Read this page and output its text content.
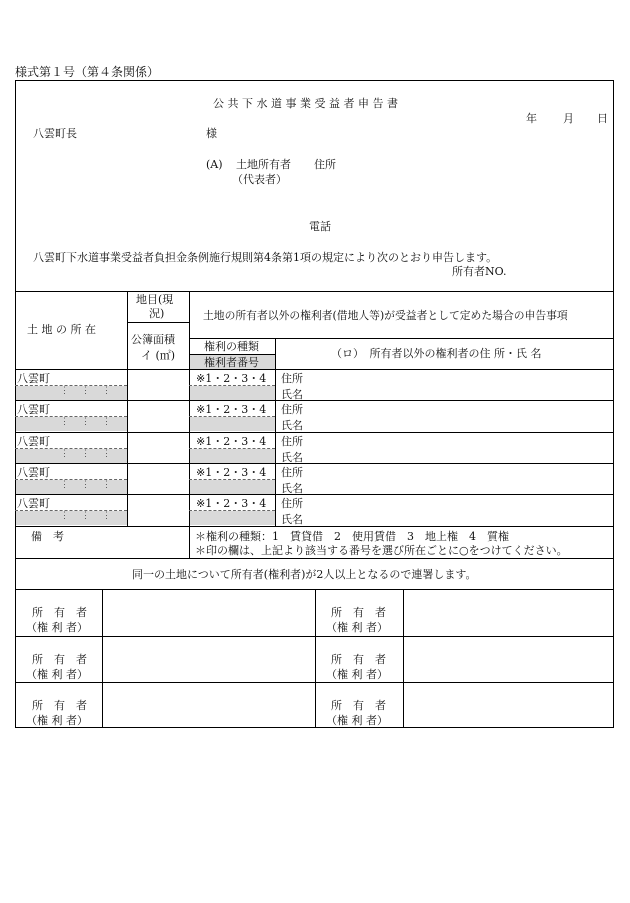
様式第１号（第４条関係）
公 共 下 水 道 事 業 受 益 者 申 告 書
年 月 日
八雲町長	様
(A) 土地所有者 住所
（代表者）
電話
八雲町下水道事業受益者負担金条例施行規則第4条第1項の規定により次のとおり申告します。
所有者NO.
土 地 の 所 在
地目(現
況)
公簿面積
イ (㎡)
土地の所有者以外の権利者(借地人等)が受益者として定めた場合の申告事項
権利の種類
権利者番号
（ロ）　所有者以外の権利者の住 所・氏 名
八雲町
⋮⋮⋮
※1・2・3・4 住所
氏名
八雲町
⋮⋮⋮
※1・2・3・4 住所
氏名
八雲町
⋮⋮⋮
※1・2・3・4 住所
氏名
八雲町
⋮⋮⋮
※1・2・3・4 住所
氏名
八雲町
⋮⋮⋮
※1・2・3・4 住所
氏名
備　考	＊権利の種類：1　賃貸借　2　使用賃借　3　地上権　4　質権
＊印の欄は、上記より該当する番号を選び所在ごとに○をつけてください。
同一の土地について所有者(権利者)が2人以上となるので連署します。
所　有　者
（権 利 者）
所　有　者
（権 利 者）
所　有　者
（権 利 者）
所　有　者
（権 利 者）
所　有　者
（権 利 者）
所　有　者
（権 利 者）
